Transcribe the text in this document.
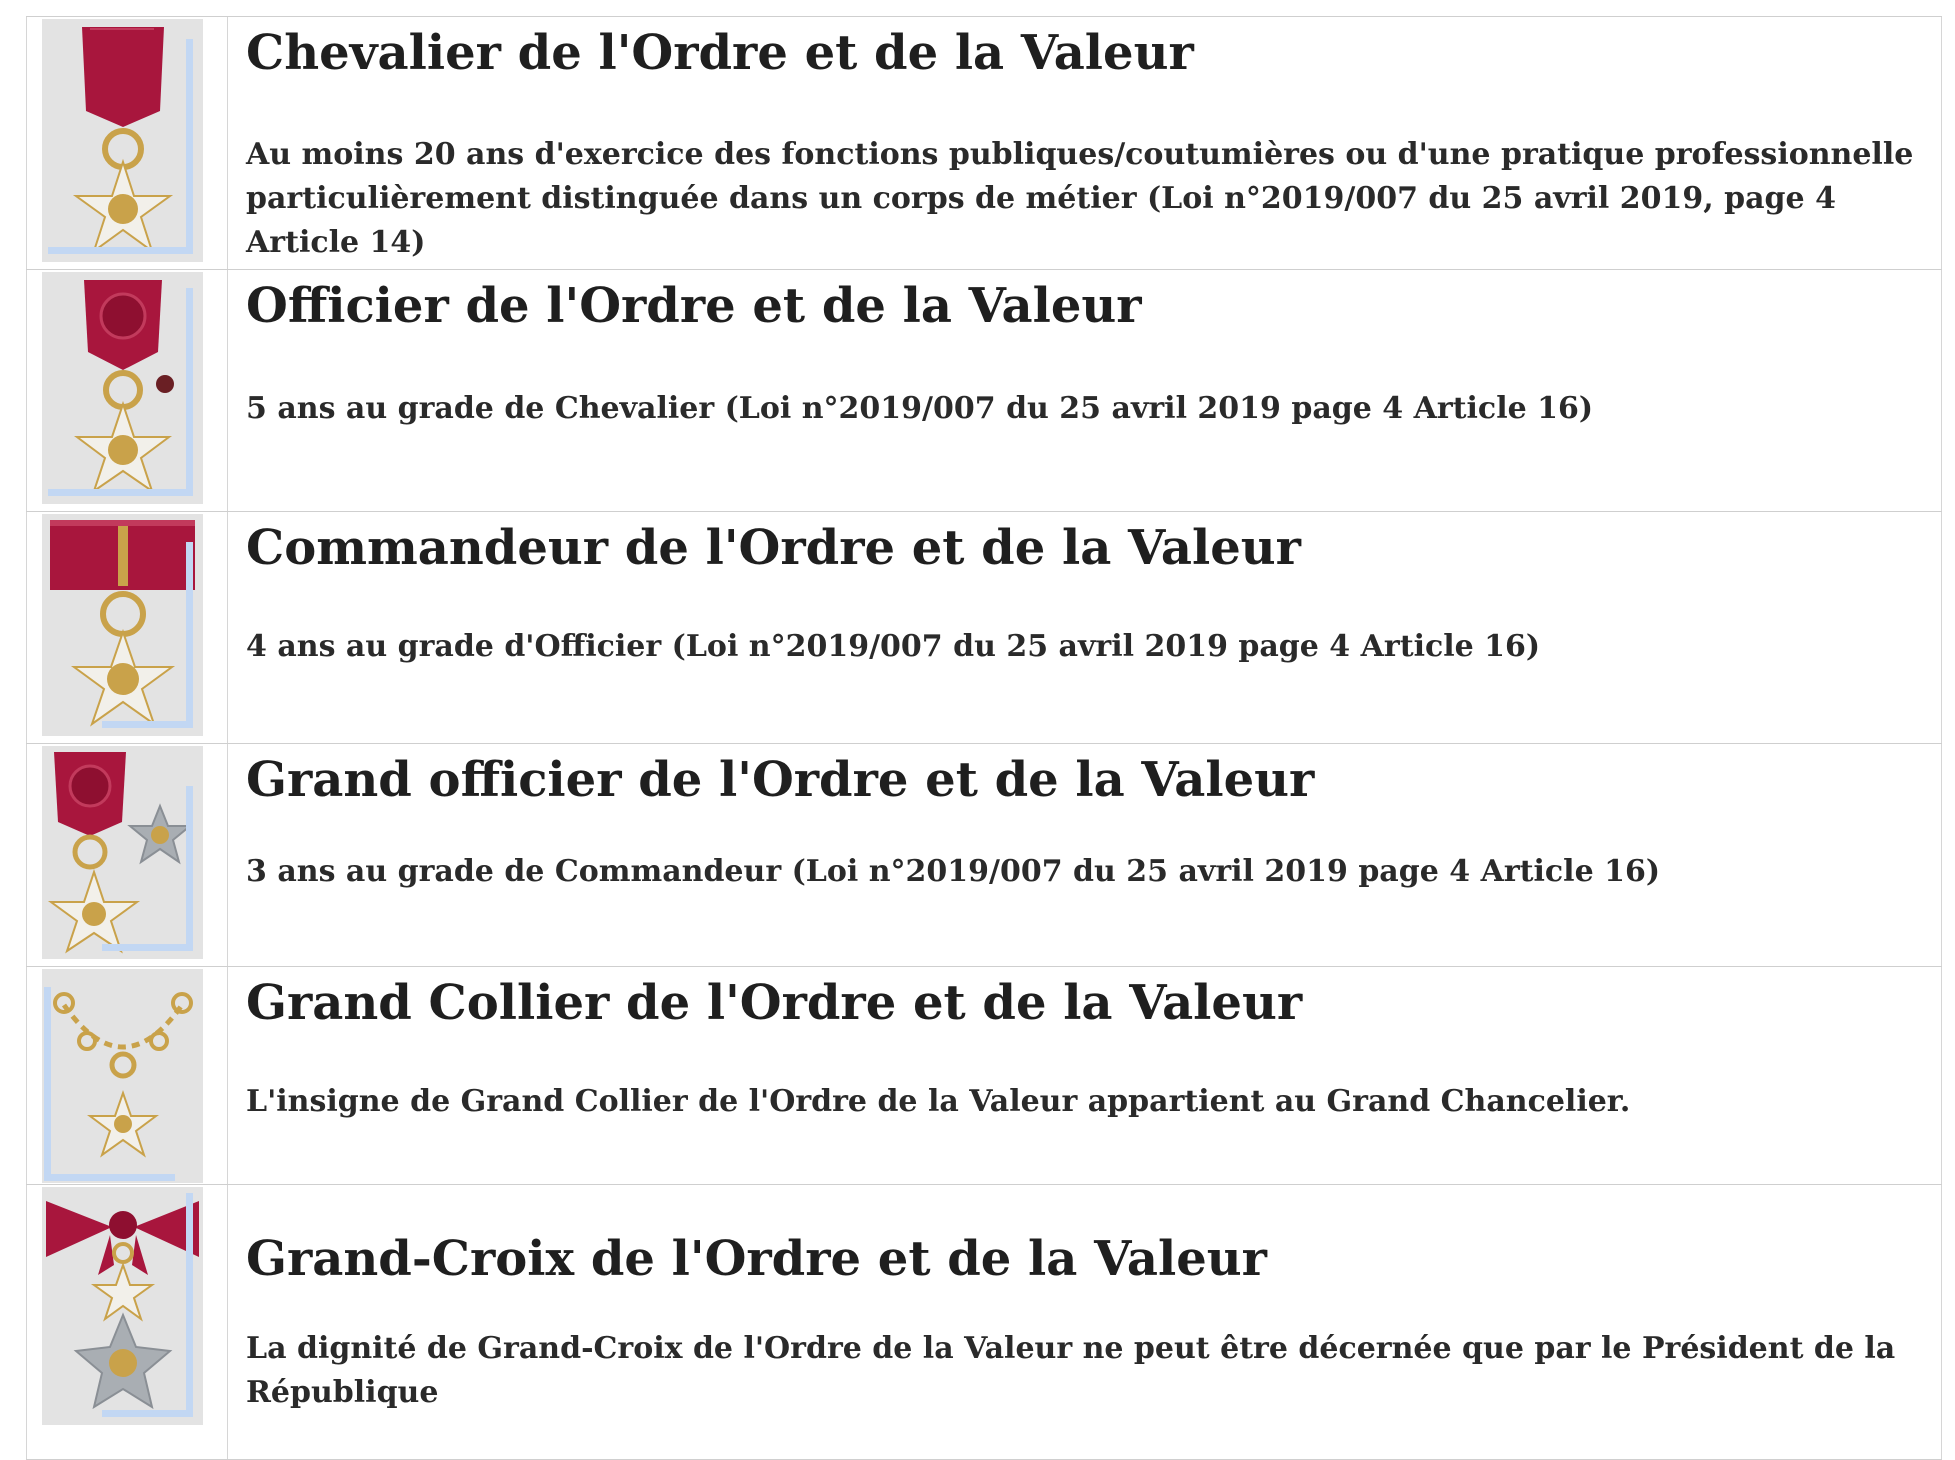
Chevalier de l'Ordre et de la Valeur

Au moins 20 ans d'exercice des fonctions publiques/coutumières ou d'une pratique professionnelle particulièrement distinguée dans un corps de métier (Loi n°2019/007 du 25 avril 2019, page 4 Article 14)

Officier de l'Ordre et de la Valeur

5 ans au grade de Chevalier (Loi n°2019/007 du 25 avril 2019 page 4 Article 16)

Commandeur de l'Ordre et de la Valeur

4 ans au grade d'Officier (Loi n°2019/007 du 25 avril 2019 page 4 Article 16)

Grand officier de l'Ordre et de la Valeur

3 ans au grade de Commandeur (Loi n°2019/007 du 25 avril 2019 page 4 Article 16)

Grand Collier de l'Ordre et de la Valeur

L'insigne de Grand Collier de l'Ordre de la Valeur appartient au Grand Chancelier.

Grand-Croix de l'Ordre et de la Valeur

La dignité de Grand-Croix de l'Ordre de la Valeur ne peut être décernée que par le Président de la République
